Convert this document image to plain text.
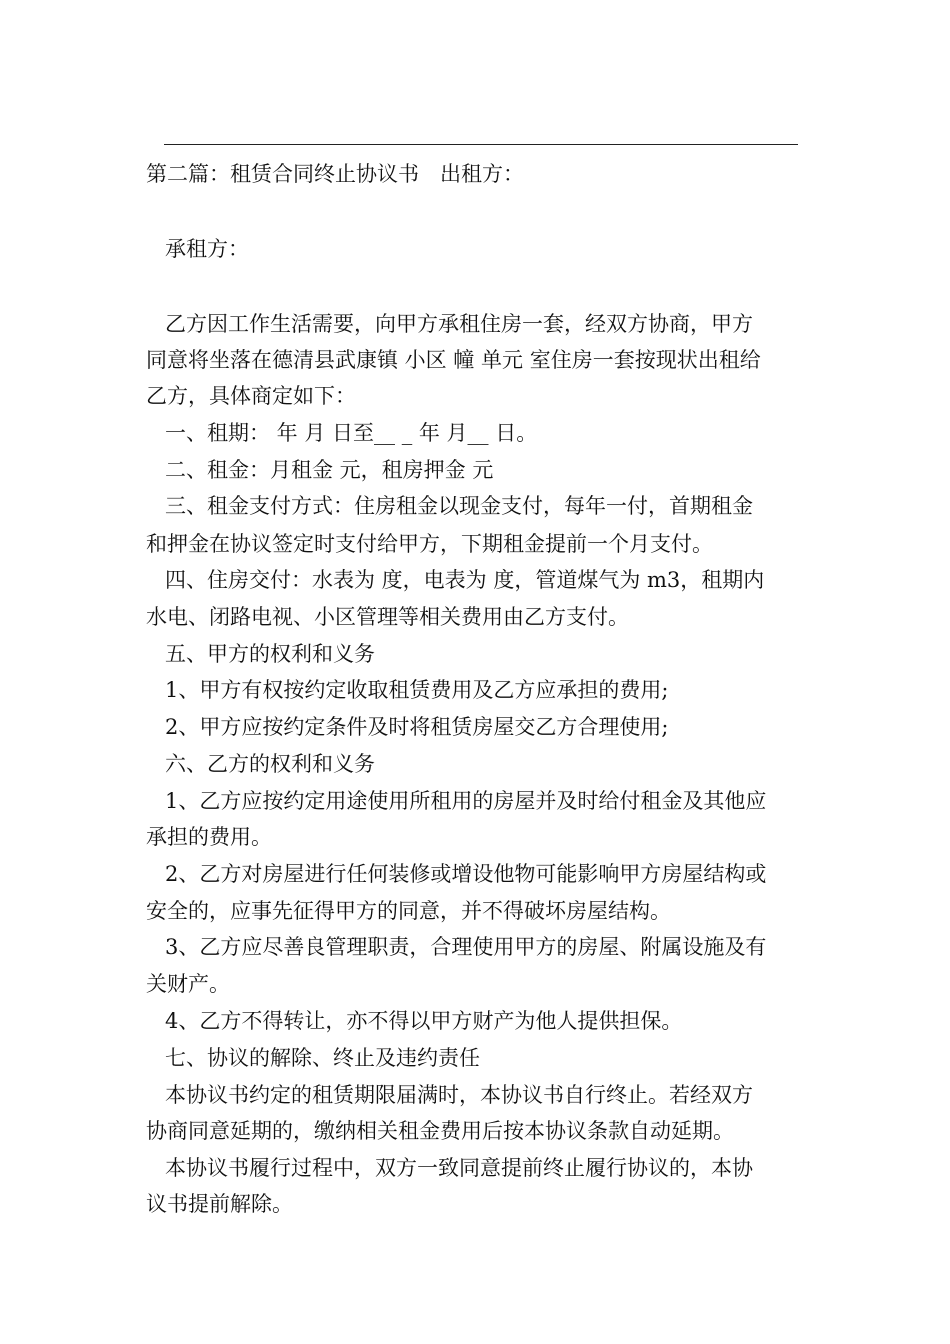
第二篇：租赁合同终止协议书　出租方：
承租方：
乙方因工作生活需要，向甲方承租住房一套，经双方协商，甲方
同意将坐落在德清县武康镇 小区 幢 单元 室住房一套按现状出租给
乙方，具体商定如下：
一、租期： 年 月 日至__ _ 年 月__ 日。
二、租金：月租金 元，租房押金 元
三、租金支付方式：住房租金以现金支付，每年一付，首期租金
和押金在协议签定时支付给甲方，下期租金提前一个月支付。
四、住房交付：水表为 度，电表为 度，管道煤气为 m3，租期内
水电、闭路电视、小区管理等相关费用由乙方支付。
五、甲方的权利和义务
1、甲方有权按约定收取租赁费用及乙方应承担的费用;
2、甲方应按约定条件及时将租赁房屋交乙方合理使用;
六、乙方的权利和义务
1、乙方应按约定用途使用所租用的房屋并及时给付租金及其他应
承担的费用。
2、乙方对房屋进行任何装修或增设他物可能影响甲方房屋结构或
安全的，应事先征得甲方的同意，并不得破坏房屋结构。
3、乙方应尽善良管理职责，合理使用甲方的房屋、附属设施及有
关财产。
4、乙方不得转让，亦不得以甲方财产为他人提供担保。
七、协议的解除、终止及违约责任
本协议书约定的租赁期限届满时，本协议书自行终止。若经双方
协商同意延期的，缴纳相关租金费用后按本协议条款自动延期。
本协议书履行过程中，双方一致同意提前终止履行协议的，本协
议书提前解除。
